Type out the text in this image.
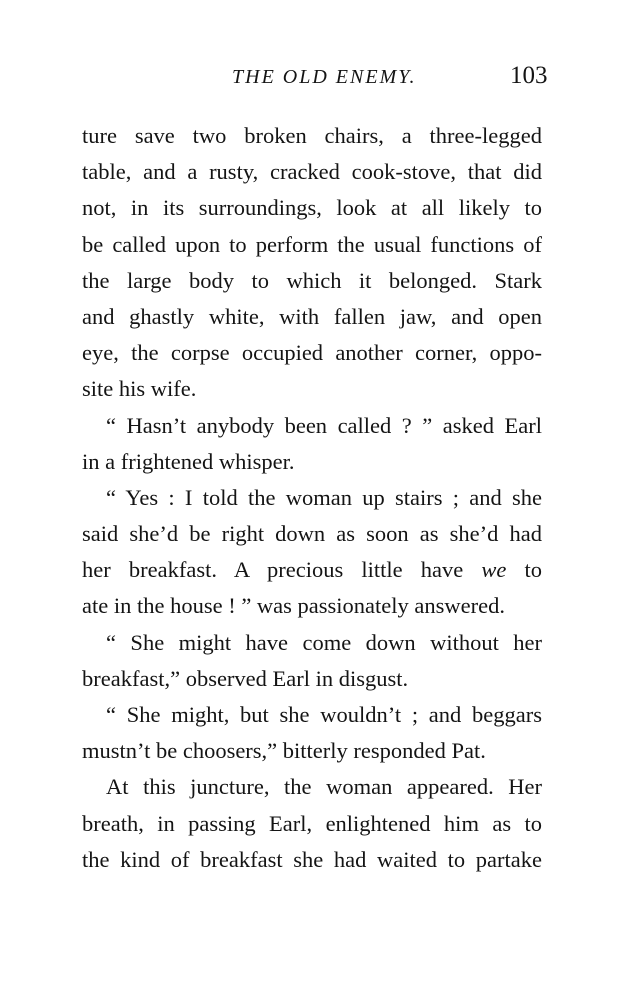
THE OLD ENEMY.	103
ture save two broken chairs, a three-legged
table, and a rusty, cracked cook-stove, that did
not, in its surroundings, look at all likely to
be called upon to perform the usual functions of
the large body to which it belonged. Stark
and ghastly white, with fallen jaw, and open
eye, the corpse occupied another corner, oppo-
site his wife.
“ Hasn’t anybody been called ? ” asked Earl
in a frightened whisper.
“ Yes : I told the woman up stairs ; and she
said she’d be right down as soon as she’d had
her breakfast. A precious little have we to
ate in the house ! ” was passionately answered.
“ She might have come down without her
breakfast,” observed Earl in disgust.
“ She might, but she wouldn’t ; and beggars
mustn’t be choosers,” bitterly responded Pat.
At this juncture, the woman appeared. Her
breath, in passing Earl, enlightened him as to
the kind of breakfast she had waited to partake
